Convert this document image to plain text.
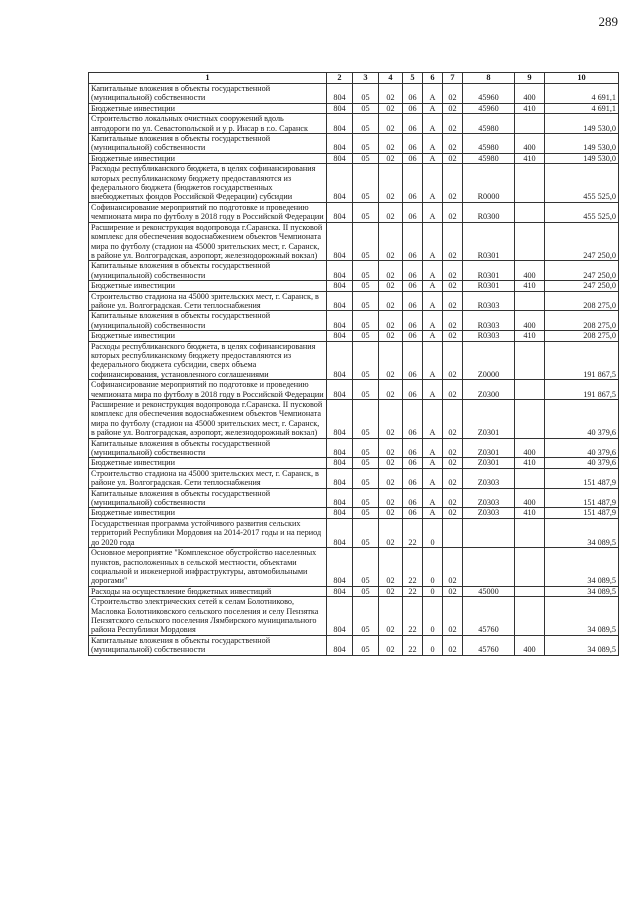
289
1	2	3	4	5	6	7	8	9	10
Капитальные вложения в объекты государственной (муниципальной) собственности	804	05	02	06	А	02	45960	400	4 691,1
Бюджетные инвестиции	804	05	02	06	А	02	45960	410	4 691,1
Строительство локальных очистных сооружений вдоль автодороги по ул. Севастопольской и у р. Инсар в г.о. Саранск	804	05	02	06	А	02	45980		149 530,0
Капитальные вложения в объекты государственной (муниципальной) собственности	804	05	02	06	А	02	45980	400	149 530,0
Бюджетные инвестиции	804	05	02	06	А	02	45980	410	149 530,0
Расходы республиканского бюджета, в целях софинансирования которых республиканскому бюджету предоставляются из федерального бюджета (бюджетов государственных внебюджетных фондов Российской Федерации) субсидии	804	05	02	06	А	02	R0000		455 525,0
Софинансирование мероприятий по подготовке и проведению чемпионата мира по футболу в 2018 году в Российской Федерации	804	05	02	06	А	02	R0300		455 525,0
Расширение и реконструкция водопровода г.Саранска. II пусковой комплекс для обеспечения водоснабжением объектов Чемпионата мира по футболу (стадион на 45000 зрительских мест, г. Саранск, в районе ул. Волгоградская, аэропорт, железнодорожный вокзал)	804	05	02	06	А	02	R0301		247 250,0
Капитальные вложения в объекты государственной (муниципальной) собственности	804	05	02	06	А	02	R0301	400	247 250,0
Бюджетные инвестиции	804	05	02	06	А	02	R0301	410	247 250,0
Строительство стадиона на 45000 зрительских мест, г. Саранск, в районе ул. Волгоградская. Сети теплоснабжения	804	05	02	06	А	02	R0303		208 275,0
Капитальные вложения в объекты государственной (муниципальной) собственности	804	05	02	06	А	02	R0303	400	208 275,0
Бюджетные инвестиции	804	05	02	06	А	02	R0303	410	208 275,0
Расходы республиканского бюджета, в целях софинансирования которых республиканскому бюджету предоставляются из федерального бюджета субсидии, сверх объема софинансирования, установленного соглашениями	804	05	02	06	А	02	Z0000		191 867,5
Софинансирование мероприятий по подготовке и проведению чемпионата мира по футболу в 2018 году в Российской Федерации	804	05	02	06	А	02	Z0300		191 867,5
Расширение и реконструкция водопровода г.Саранска. II пусковой комплекс для обеспечения водоснабжением объектов Чемпионата мира по футболу (стадион на 45000 зрительских мест, г. Саранск, в районе ул. Волгоградская, аэропорт, железнодорожный вокзал)	804	05	02	06	А	02	Z0301		40 379,6
Капитальные вложения в объекты государственной (муниципальной) собственности	804	05	02	06	А	02	Z0301	400	40 379,6
Бюджетные инвестиции	804	05	02	06	А	02	Z0301	410	40 379,6
Строительство стадиона на 45000 зрительских мест, г. Саранск, в районе ул. Волгоградская. Сети теплоснабжения	804	05	02	06	А	02	Z0303		151 487,9
Капитальные вложения в объекты государственной (муниципальной) собственности	804	05	02	06	А	02	Z0303	400	151 487,9
Бюджетные инвестиции	804	05	02	06	А	02	Z0303	410	151 487,9
Государственная программа устойчивого развития сельских территорий Республики Мордовия на 2014-2017 годы и на период до 2020 года	804	05	02	22	0				34 089,5
Основное мероприятие "Комплексное обустройство населенных пунктов, расположенных в сельской местности, объектами социальной и инженерной инфраструктуры, автомобильными дорогами"	804	05	02	22	0	02			34 089,5
Расходы на осуществление бюджетных инвестиций	804	05	02	22	0	02	45000		34 089,5
Строительство электрических сетей к селам Болотниково, Масловка Болотниковского сельского поселения и селу Пензятка Пензятского сельского поселения Лямбирского муниципального района Республики Мордовия	804	05	02	22	0	02	45760		34 089,5
Капитальные вложения в объекты государственной (муниципальной) собственности	804	05	02	22	0	02	45760	400	34 089,5
